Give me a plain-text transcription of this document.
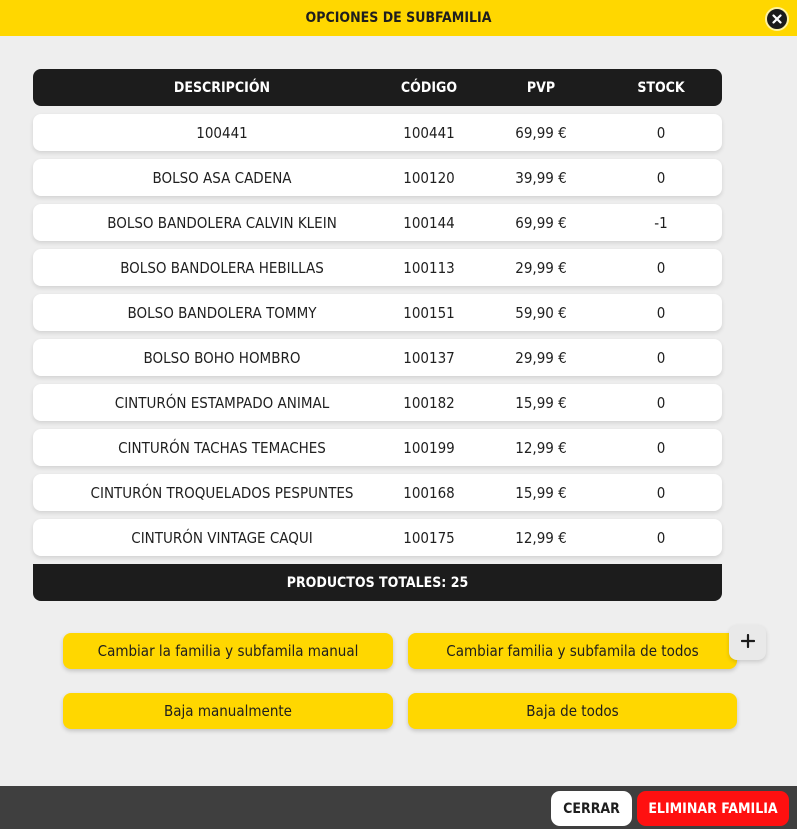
OPCIONES DE SUBFAMILIA
DESCRIPCIÓN	CÓDIGO	PVP	STOCK
100441	100441	69,99 €	0
BOLSO ASA CADENA	100120	39,99 €	0
BOLSO BANDOLERA CALVIN KLEIN	100144	69,99 €	-1
BOLSO BANDOLERA HEBILLAS	100113	29,99 €	0
BOLSO BANDOLERA TOMMY	100151	59,90 €	0
BOLSO BOHO HOMBRO	100137	29,99 €	0
CINTURÓN ESTAMPADO ANIMAL	100182	15,99 €	0
CINTURÓN TACHAS TEMACHES	100199	12,99 €	0
CINTURÓN TROQUELADOS PESPUNTES	100168	15,99 €	0
CINTURÓN VINTAGE CAQUI	100175	12,99 €	0
PRODUCTOS TOTALES: 25
Cambiar la familia y subfamila manual	Cambiar familia y subfamila de todos
Baja manualmente	Baja de todos
CERRAR	ELIMINAR FAMILIA
